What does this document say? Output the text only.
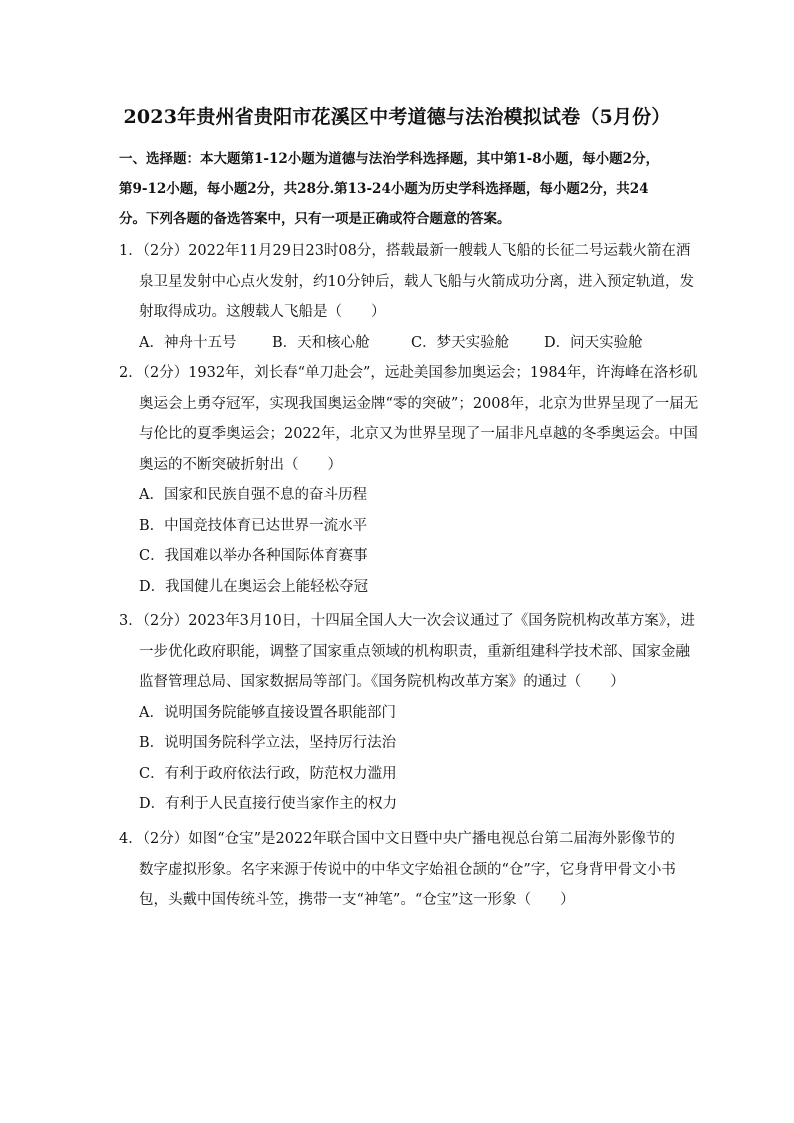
2023年贵州省贵阳市花溪区中考道德与法治模拟试卷（5月份）
一、选择题：本大题第1-12小题为道德与法治学科选择题，其中第1-8小题，每小题2分，
第9-12小题，每小题2分，共28分.第13-24小题为历史学科选择题，每小题2分，共24
分。下列各题的备选答案中，只有一项是正确或符合题意的答案。
1．（2分）2022年11月29日23时08分，搭载最新一艘载人飞船的长征二号运载火箭在酒
泉卫星发射中心点火发射，约10分钟后，载人飞船与火箭成功分离，进入预定轨道，发
射取得成功。这艘载人飞船是（　　）
A．神舟十五号	B．天和核心舱	C．梦天实验舱	D．问天实验舱
2．（2分）1932年，刘长春“单刀赴会”，远赴美国参加奥运会；1984年，许海峰在洛杉矶
奥运会上勇夺冠军，实现我国奥运金牌“零的突破”；2008年，北京为世界呈现了一届无
与伦比的夏季奥运会；2022年，北京又为世界呈现了一届非凡卓越的冬季奥运会。中国
奥运的不断突破折射出（　　）
A．国家和民族自强不息的奋斗历程
B．中国竞技体育已达世界一流水平
C．我国难以举办各种国际体育赛事
D．我国健儿在奥运会上能轻松夺冠
3．（2分）2023年3月10日，十四届全国人大一次会议通过了《国务院机构改革方案》，进
一步优化政府职能，调整了国家重点领域的机构职责，重新组建科学技术部、国家金融
监督管理总局、国家数据局等部门。《国务院机构改革方案》的通过（　　）
A．说明国务院能够直接设置各职能部门
B．说明国务院科学立法，坚持厉行法治
C．有利于政府依法行政，防范权力滥用
D．有利于人民直接行使当家作主的权力
4．（2分）如图“仓宝”是2022年联合国中文日暨中央广播电视总台第二届海外影像节的
数字虚拟形象。名字来源于传说中的中华文字始祖仓颉的“仓”字，它身背甲骨文小书
包，头戴中国传统斗笠，携带一支“神笔”。“仓宝”这一形象（　　）
